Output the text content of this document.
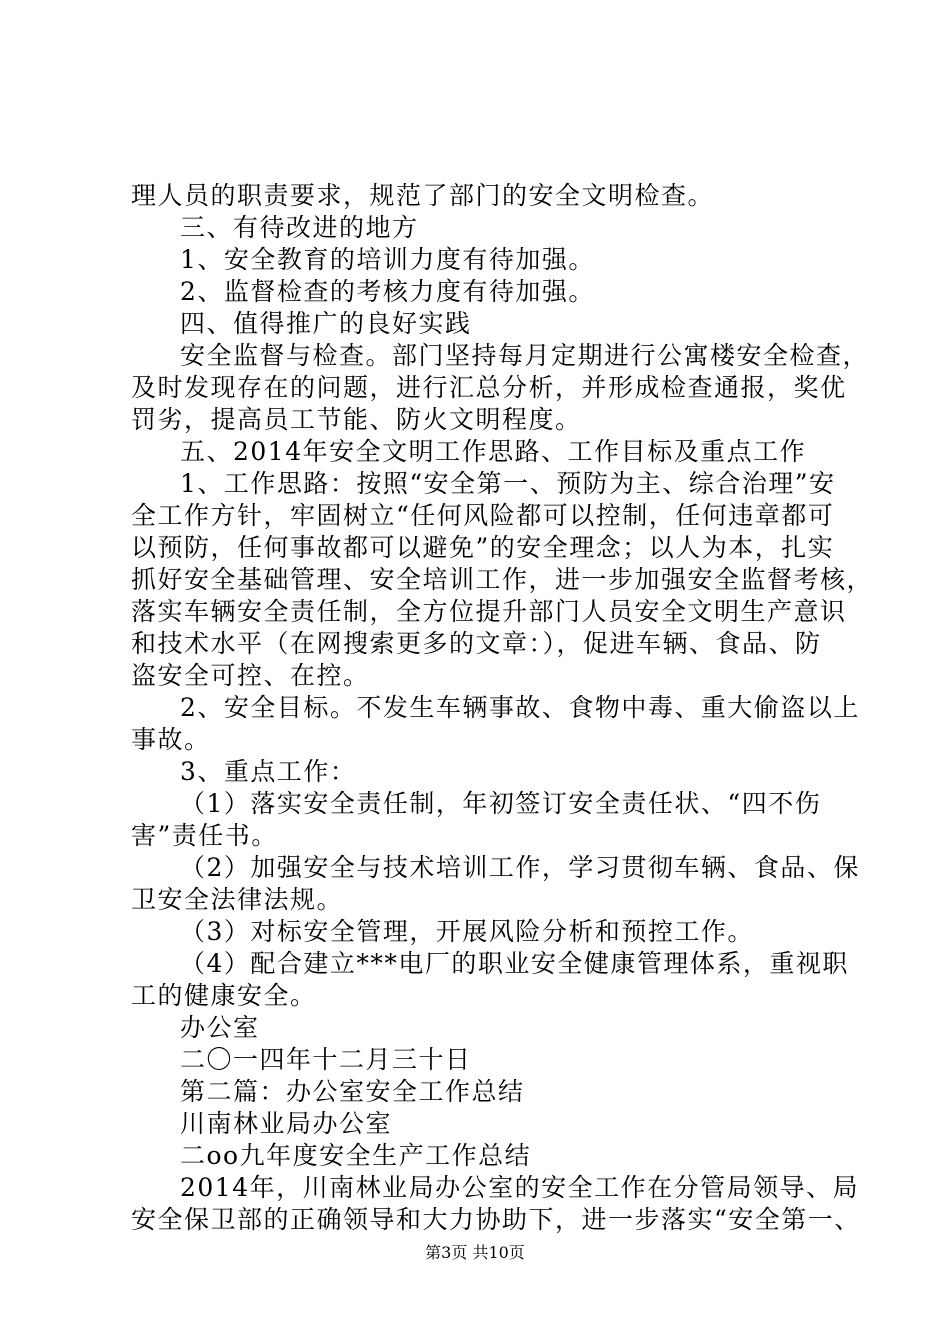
理人员的职责要求，规范了部门的安全文明检查。
三、有待改进的地方
1、安全教育的培训力度有待加强。
2、监督检查的考核力度有待加强。
四、值得推广的良好实践
安全监督与检查。部门坚持每月定期进行公寓楼安全检查，
及时发现存在的问题，进行汇总分析，并形成检查通报，奖优
罚劣，提高员工节能、防火文明程度。
五、2014年安全文明工作思路、工作目标及重点工作
1、工作思路：按照“安全第一、预防为主、综合治理”安
全工作方针，牢固树立“任何风险都可以控制，任何违章都可
以预防，任何事故都可以避免”的安全理念；以人为本，扎实
抓好安全基础管理、安全培训工作，进一步加强安全监督考核，
落实车辆安全责任制，全方位提升部门人员安全文明生产意识
和技术水平（在网搜索更多的文章：），促进车辆、食品、防
盗安全可控、在控。
2、安全目标。不发生车辆事故、食物中毒、重大偷盗以上
事故。
3、重点工作：
（1）落实安全责任制，年初签订安全责任状、“四不伤
害”责任书。
（2）加强安全与技术培训工作，学习贯彻车辆、食品、保
卫安全法律法规。
（3）对标安全管理，开展风险分析和预控工作。
（4）配合建立***电厂的职业安全健康管理体系，重视职
工的健康安全。
办公室
二〇一四年十二月三十日
第二篇：办公室安全工作总结
川南林业局办公室
二oo九年度安全生产工作总结
2014年，川南林业局办公室的安全工作在分管局领导、局
安全保卫部的正确领导和大力协助下，进一步落实“安全第一、
第3页 共10页
